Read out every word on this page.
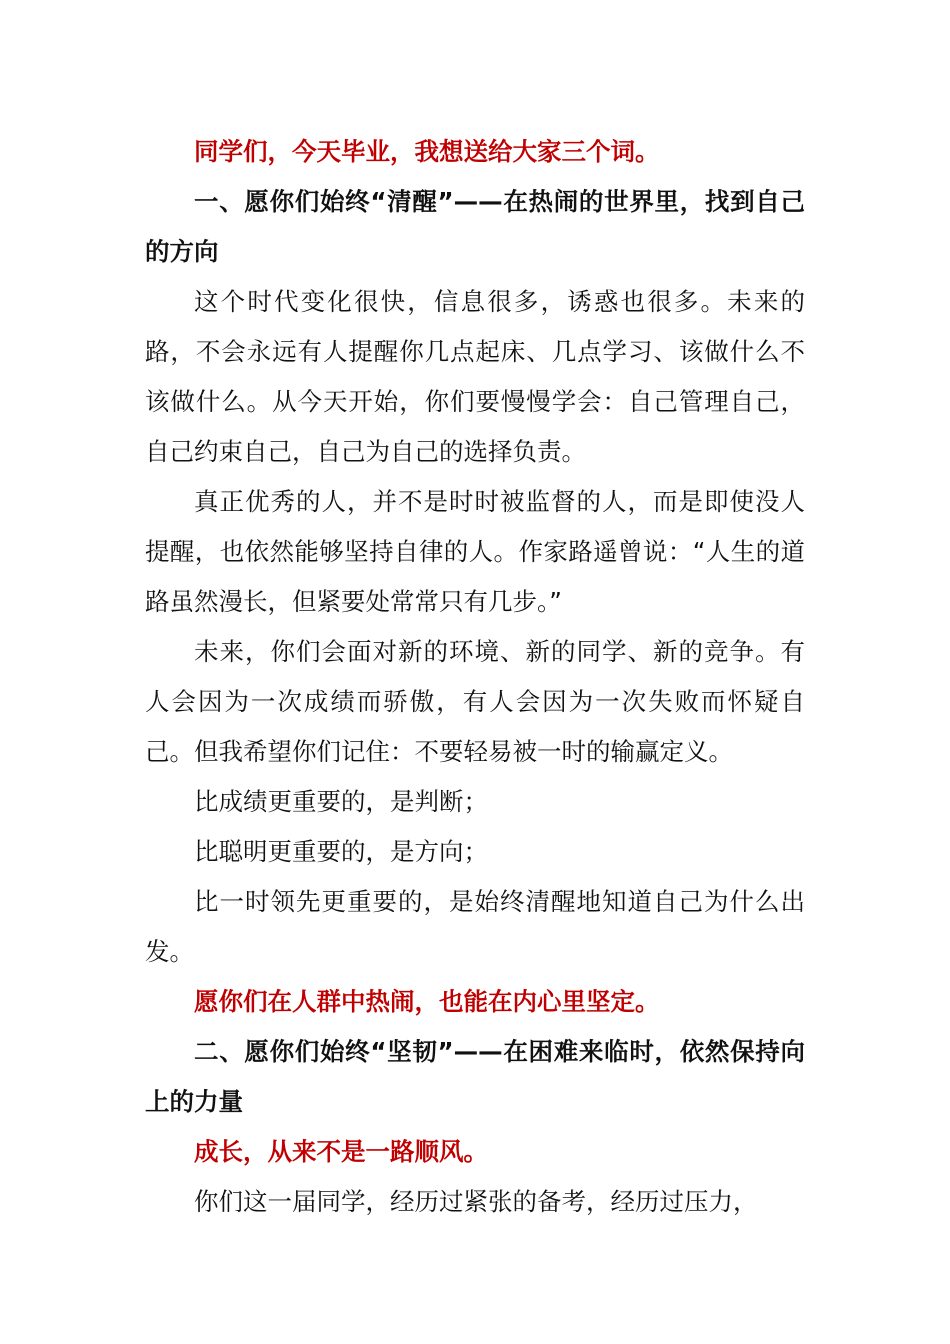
同学们，今天毕业，我想送给大家三个词。

一、愿你们始终“清醒”——在热闹的世界里，找到自己的方向

这个时代变化很快，信息很多，诱惑也很多。未来的路，不会永远有人提醒你几点起床、几点学习、该做什么不该做什么。从今天开始，你们要慢慢学会：自己管理自己，自己约束自己，自己为自己的选择负责。

真正优秀的人，并不是时时被监督的人，而是即使没人提醒，也依然能够坚持自律的人。作家路遥曾说：“人生的道路虽然漫长，但紧要处常常只有几步。”

未来，你们会面对新的环境、新的同学、新的竞争。有人会因为一次成绩而骄傲，有人会因为一次失败而怀疑自己。但我希望你们记住：不要轻易被一时的输赢定义。

比成绩更重要的，是判断；

比聪明更重要的，是方向；

比一时领先更重要的，是始终清醒地知道自己为什么出发。

愿你们在人群中热闹，也能在内心里坚定。

二、愿你们始终“坚韧”——在困难来临时，依然保持向上的力量

成长，从来不是一路顺风。

你们这一届同学，经历过紧张的备考，经历过压力，
